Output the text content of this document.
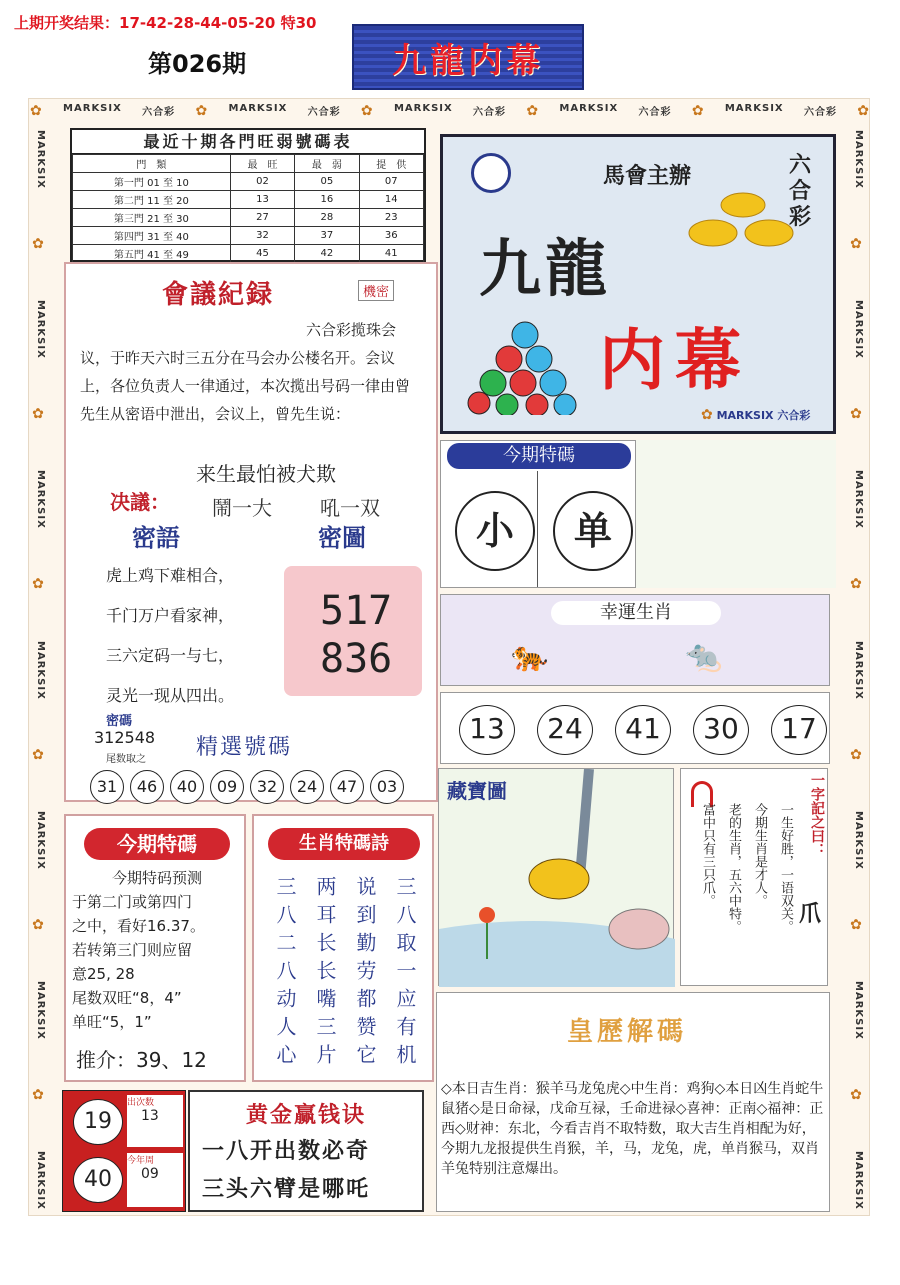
上期开奖结果：17-42-28-44-05-20 特30
第026期	九龍内幕
✿ MARKSIX 六合彩 ✿ MARKSIX 六合彩 ✿ MARKSIX 六合彩 ✿ MARKSIX 六合彩 ✿ MARKSIX 六合彩 ✿
MARKSIX
✿
MARKSIX
✿
MARKSIX
✿
MARKSIX
✿
MARKSIX
✿
MARKSIX
✿
MARKSIX
MARKSIX
✿
MARKSIX
✿
MARKSIX
✿
MARKSIX
✿
MARKSIX
✿
MARKSIX
✿
MARKSIX
最近十期各門旺弱號碼表
門　類	最　旺	最　弱	提　供
第一門 01 至 10	02	05	07
第二門 11 至 20	13	16	14
第三門 21 至 30	27	28	23
第四門 31 至 40	32	37	36
第五門 41 至 49	45	42	41
會議紀録	機密
六合彩揽珠会议，于昨天六时三五分在马会办公楼名开。会议上，各位负责人一律通过，本次揽出号码一律由曾先生从密语中泄出，会议上，曾先生说：
来生最怕被犬欺
决議： 鬧一大 吼一双
密語	密圖
虎上鸡下难相合，
千门万户看家神，
三六定码一与七，
灵光一现从四出。
密碼
312548
尾数取之 精選號碼
31 46 40 09 32 24 47 03
517
836
馬會主辦	六合彩
九龍
内幕
✿ MARKSIX 六合彩
今期特碼
小	单
幸運生肖
🐅	🐀
13	24	41	30	17
藏寶圖	一字記之曰：
爪
一生好胜，一语双关。
今期生肖是才人。
老的生肖，五六中特。
富中只有三只爪。
今期特碼
今期特码预测
于第二门或第四门
之中，看好16.37。
若转第三门则应留
意25, 28
尾数双旺“8，4”
单旺“5，1”
推介：39、12
生肖特碼詩
三八二八动人心 两耳长长嘴三片 说到勤劳都赞它 三八取一应有机	皇歷解碼
◇本日吉生肖：猴羊马龙兔虎◇中生肖：鸡狗◇本日凶生肖蛇牛鼠猪◇是日命禄，戊命互禄，壬命进禄◇喜神：正南◇福神：正西◇财神：东北，今看吉肖不取特数，取大吉生肖相配为好，今期九龙报提供生肖猴，羊，马，龙兔，虎，单肖猴马，双肖羊兔特别注意爆出。
19
40
出次数
13
今年周
09
黄金赢钱诀
一八开出数必奇
三头六臂是哪吒
